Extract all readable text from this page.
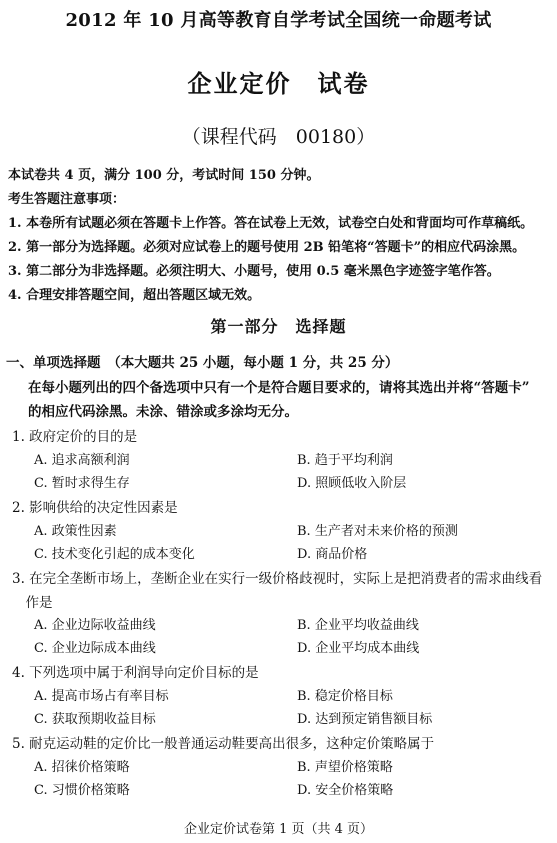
2012 年 10 月高等教育自学考试全国统一命题考试
企业定价　试卷
（课程代码　00180）
本试卷共 4 页，满分 100 分，考试时间 150 分钟。
考生答题注意事项：
1. 本卷所有试题必须在答题卡上作答。答在试卷上无效，试卷空白处和背面均可作草稿纸。
2. 第一部分为选择题。必须对应试卷上的题号使用 2B 铅笔将“答题卡”的相应代码涂黑。
3. 第二部分为非选择题。必须注明大、小题号，使用 0.5 毫米黑色字迹签字笔作答。
4. 合理安排答题空间，超出答题区域无效。
第一部分　选择题
一、单项选择题　（本大题共 25 小题，每小题 1 分，共 25 分）
在每小题列出的四个备选项中只有一个是符合题目要求的，请将其选出并将“答题卡”
的相应代码涂黑。未涂、错涂或多涂均无分。
1. 政府定价的目的是
A. 追求高额利润	B. 趋于平均利润
C. 暂时求得生存	D. 照顾低收入阶层
2. 影响供给的决定性因素是
A. 政策性因素	B. 生产者对未来价格的预测
C. 技术变化引起的成本变化	D. 商品价格
3. 在完全垄断市场上，垄断企业在实行一级价格歧视时，实际上是把消费者的需求曲线看
　作是
A. 企业边际收益曲线	B. 企业平均收益曲线
C. 企业边际成本曲线	D. 企业平均成本曲线
4. 下列选项中属于利润导向定价目标的是
A. 提高市场占有率目标	B. 稳定价格目标
C. 获取预期收益目标	D. 达到预定销售额目标
5. 耐克运动鞋的定价比一般普通运动鞋要高出很多，这种定价策略属于
A. 招徕价格策略	B. 声望价格策略
C. 习惯价格策略	D. 安全价格策略
企业定价试卷第 1 页（共 4 页）
